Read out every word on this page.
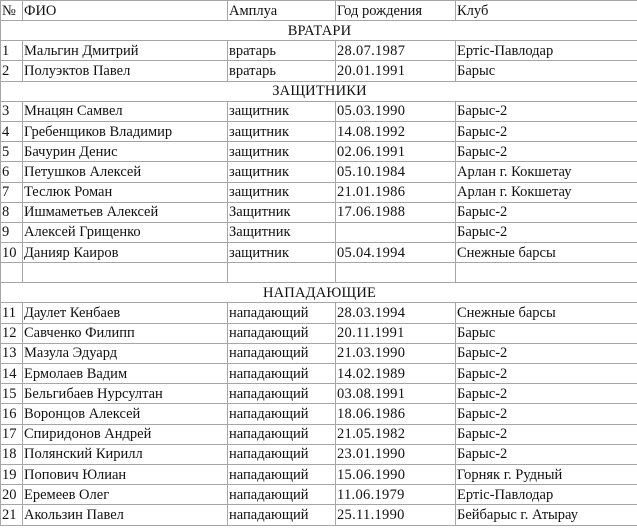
№	ФИО	Амплуа	Год рождения	Клуб
ВРАТАРИ				
1	Мальгин Дмитрий	вратарь	28.07.1987	Ертіс-Павлодар
2	Полуэктов Павел	вратарь	20.01.1991	Барыс
ЗАЩИТНИКИ				
3	Мнацян Самвел	защитник	05.03.1990	Барыс-2
4	Гребенщиков Владимир	защитник	14.08.1992	Барыс-2
5	Бачурин Денис	защитник	02.06.1991	Барыс-2
6	Петушков Алексей	защитник	05.10.1984	Арлан г. Кокшетау
7	Теслюк Роман	защитник	21.01.1986	Арлан г. Кокшетау
8	Ишмаметьев Алексей	Защитник	17.06.1988	Барыс-2
9	Алексей Грищенко	Защитник		Барыс-2
10	Данияр Каиров	защитник	05.04.1994	Снежные барсы

НАПАДАЮЩИЕ				
11	Даулет Кенбаев	нападающий	28.03.1994	Снежные барсы
12	Савченко Филипп	нападающий	20.11.1991	Барыс
13	Мазула Эдуард	нападающий	21.03.1990	Барыс-2
14	Ермолаев Вадим	нападающий	14.02.1989	Барыс-2
15	Бельгибаев Нурсултан	нападающий	03.08.1991	Барыс-2
16	Воронцов Алексей	нападающий	18.06.1986	Барыс-2
17	Спиридонов Андрей	нападающий	21.05.1982	Барыс-2
18	Полянский Кирилл	нападающий	23.01.1990	Барыс-2
19	Попович Юлиан	нападающий	15.06.1990	Горняк г. Рудный
20	Еремеев Олег	нападающий	11.06.1979	Ертіс-Павлодар
21	Акользин Павел	нападающий	25.11.1990	Бейбарыс г. Атырау
